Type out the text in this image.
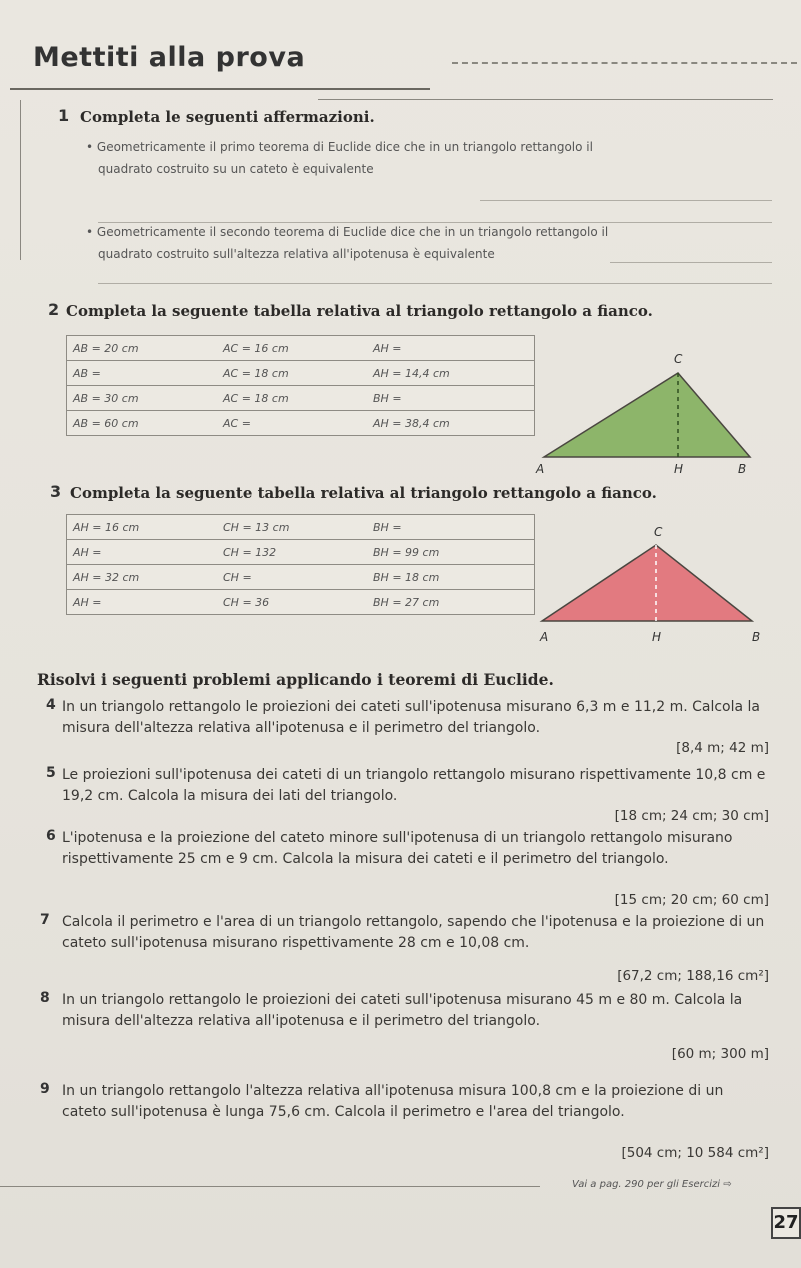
Mettiti alla prova
1 Completa le seguenti affermazioni.
• Geometricamente il primo teorema di Euclide dice che in un triangolo rettangolo il
quadrato costruito su un cateto è equivalente
• Geometricamente il secondo teorema di Euclide dice che in un triangolo rettangolo il
quadrato costruito sull'altezza relativa all'ipotenusa è equivalente
2 Completa la seguente tabella relativa al triangolo rettangolo a fianco.
AB = 20 cm	AC = 16 cm	AH =
AB =	AC = 18 cm	AH = 14,4 cm
AB = 30 cm	AC = 18 cm	BH =
AB = 60 cm	AC =	AH = 38,4 cm
C
A	H	B
3 Completa la seguente tabella relativa al triangolo rettangolo a fianco.
AH = 16 cm	CH = 13 cm	BH =
AH =	CH = 132	BH = 99 cm
AH = 32 cm	CH =	BH = 18 cm
AH =	CH = 36	BH = 27 cm
C
A	H	B
Risolvi i seguenti problemi applicando i teoremi di Euclide.
4 In un triangolo rettangolo le proiezioni dei cateti sull'ipotenusa misurano 6,3 m e 11,2 m. Calcola la misura dell'altezza relativa all'ipotenusa e il perimetro del triangolo.
[8,4 m; 42 m]
5 Le proiezioni sull'ipotenusa dei cateti di un triangolo rettangolo misurano rispettivamente 10,8 cm e 19,2 cm. Calcola la misura dei lati del triangolo.
[18 cm; 24 cm; 30 cm]
6 L'ipotenusa e la proiezione del cateto minore sull'ipotenusa di un triangolo rettangolo misurano rispettivamente 25 cm e 9 cm. Calcola la misura dei cateti e il perimetro del triangolo.
[15 cm; 20 cm; 60 cm]
7 Calcola il perimetro e l'area di un triangolo rettangolo, sapendo che l'ipotenusa e la proiezione di un cateto sull'ipotenusa misurano rispettivamente 28 cm e 10,08 cm.
[67,2 cm; 188,16 cm²]
8 In un triangolo rettangolo le proiezioni dei cateti sull'ipotenusa misurano 45 m e 80 m. Calcola la misura dell'altezza relativa all'ipotenusa e il perimetro del triangolo.
[60 m; 300 m]
9 In un triangolo rettangolo l'altezza relativa all'ipotenusa misura 100,8 cm e la proiezione di un cateto sull'ipotenusa è lunga 75,6 cm. Calcola il perimetro e l'area del triangolo.
[504 cm; 10 584 cm²]
Vai a pag. 290 per gli Esercizi ⇨
27
